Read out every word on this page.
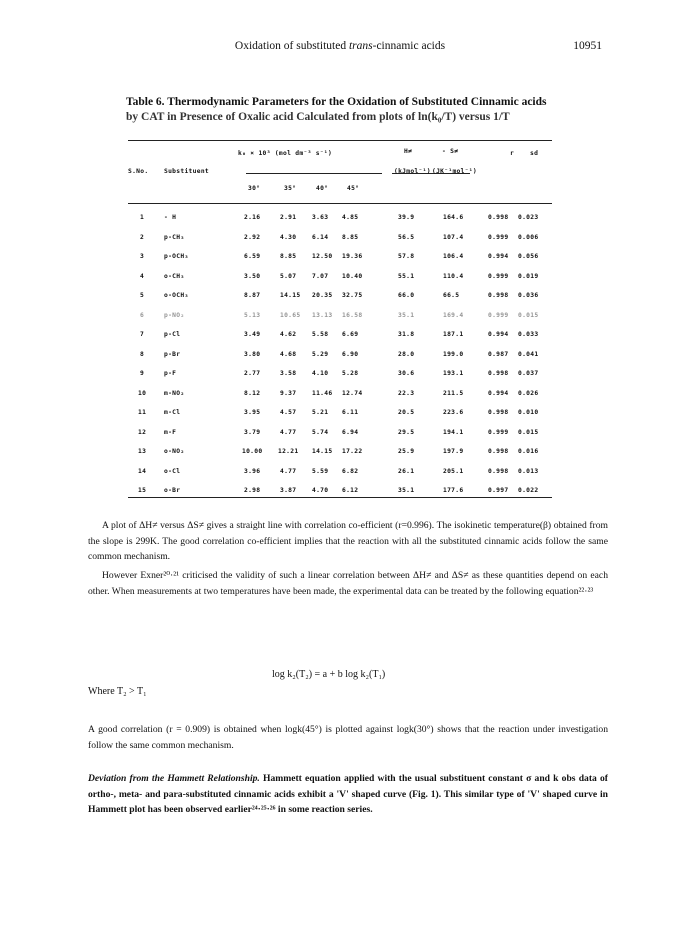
Oxidation of substituted trans-cinnamic acids	10951
Table 6. Thermodynamic Parameters for the Oxidation of Substituted Cinnamic acids
by CAT in Presence of Oxalic acid Calculated from plots of ln(k₀/T) versus 1/T
k₀ × 10³ (mol dm⁻³ s⁻¹)	H≠	- S≠	r	sd
S.No. Substituent	(kJmol⁻¹) (JK⁻¹mol⁻¹)
30°	35°	40°	45°
1	- H	2.16	2.91 3.63 4.85	39.9	164.6	0.998 0.023
2	p-CH₃	2.92	4.30 6.14 8.85	56.5	107.4	0.999 0.006
3	p-OCH₃	6.59	8.85 12.50 19.36	57.8	106.4	0.994 0.056
4	o-CH₃	3.50	5.07 7.07 10.40	55.1	110.4	0.999 0.019
5	o-OCH₃	8.87	14.15 20.35 32.75	66.0	66.5	0.998 0.036
6	p-NO₂	5.13	10.65 13.13 16.58	35.1	169.4	0.999 0.015
7	p-Cl	3.49	4.62 5.58 6.69	31.8	187.1	0.994 0.033
8	p-Br	3.80	4.68 5.29 6.90	28.0	199.0	0.987 0.041
9	p-F	2.77	3.58 4.10 5.28	30.6	193.1	0.998 0.037
10	m-NO₂	8.12	9.37 11.46 12.74	22.3	211.5	0.994 0.026
11	m-Cl	3.95	4.57 5.21 6.11	20.5	223.6	0.998 0.010
12	m-F	3.79	4.77 5.74 6.94	29.5	194.1	0.999 0.015
13	o-NO₂	10.00 12.21 14.15 17.22	25.9	197.9	0.998 0.016
14	o-Cl	3.96	4.77 5.59 6.82	26.1	205.1	0.998 0.013
15	o-Br	2.98	3.87 4.70 6.12	35.1	177.6	0.997 0.022

A plot of ΔH≠ versus ΔS≠ gives a straight line with correlation co-efficient (r=0.996). The isokinetic temperature(β) obtained from the slope is 299K. The good correlation co-efficient implies that the reaction with all the substituted cinnamic acids follow the same common mechanism.

However Exner²⁰·²¹ criticised the validity of such a linear correlation between ΔH≠ and ΔS≠ as these quantities depend on each other. When measurements at two temperatures have been made, the experimental data can be treated by the following equation²²·²³

log k₂(T₂) = a + b log k₂(T₁)
Where T₂ > T₁

A good correlation (r = 0.909) is obtained when logk(45°) is plotted against logk(30°) shows that the reaction under investigation follow the same common mechanism.

Deviation from the Hammett Relationship. Hammett equation applied with the usual substituent constant σ and k obs data of ortho-, meta- and para-substituted cinnamic acids exhibit a 'V' shaped curve (Fig. 1). This similar type of 'V' shaped curve in Hammett plot has been observed earlier²⁴·²⁵·²⁶ in some reaction series.
